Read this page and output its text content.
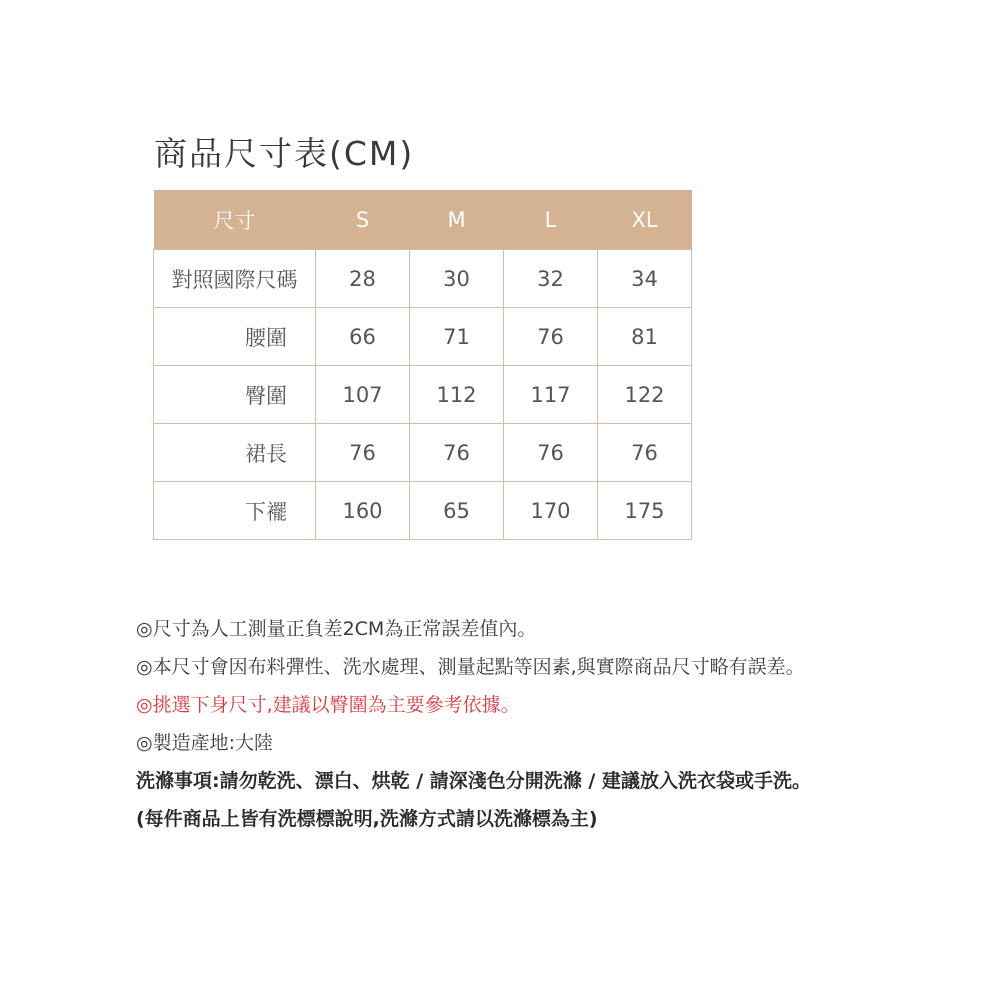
商品尺寸表(CM)
尺寸	S	M	L	XL
對照國際尺碼	28	30	32	34
腰圍	66	71	76	81
臀圍	107	112	117	122
裙長	76	76	76	76
下襬	160	65	170	175
◎尺寸為人工測量正負差2CM為正常誤差值內。
◎本尺寸會因布料彈性、洗水處理、測量起點等因素,與實際商品尺寸略有誤差。
◎挑選下身尺寸,建議以臀圍為主要參考依據。
◎製造產地:大陸
洗滌事項:請勿乾洗、漂白、烘乾 / 請深淺色分開洗滌 / 建議放入洗衣袋或手洗。
(每件商品上皆有洗標標說明,洗滌方式請以洗滌標為主)
